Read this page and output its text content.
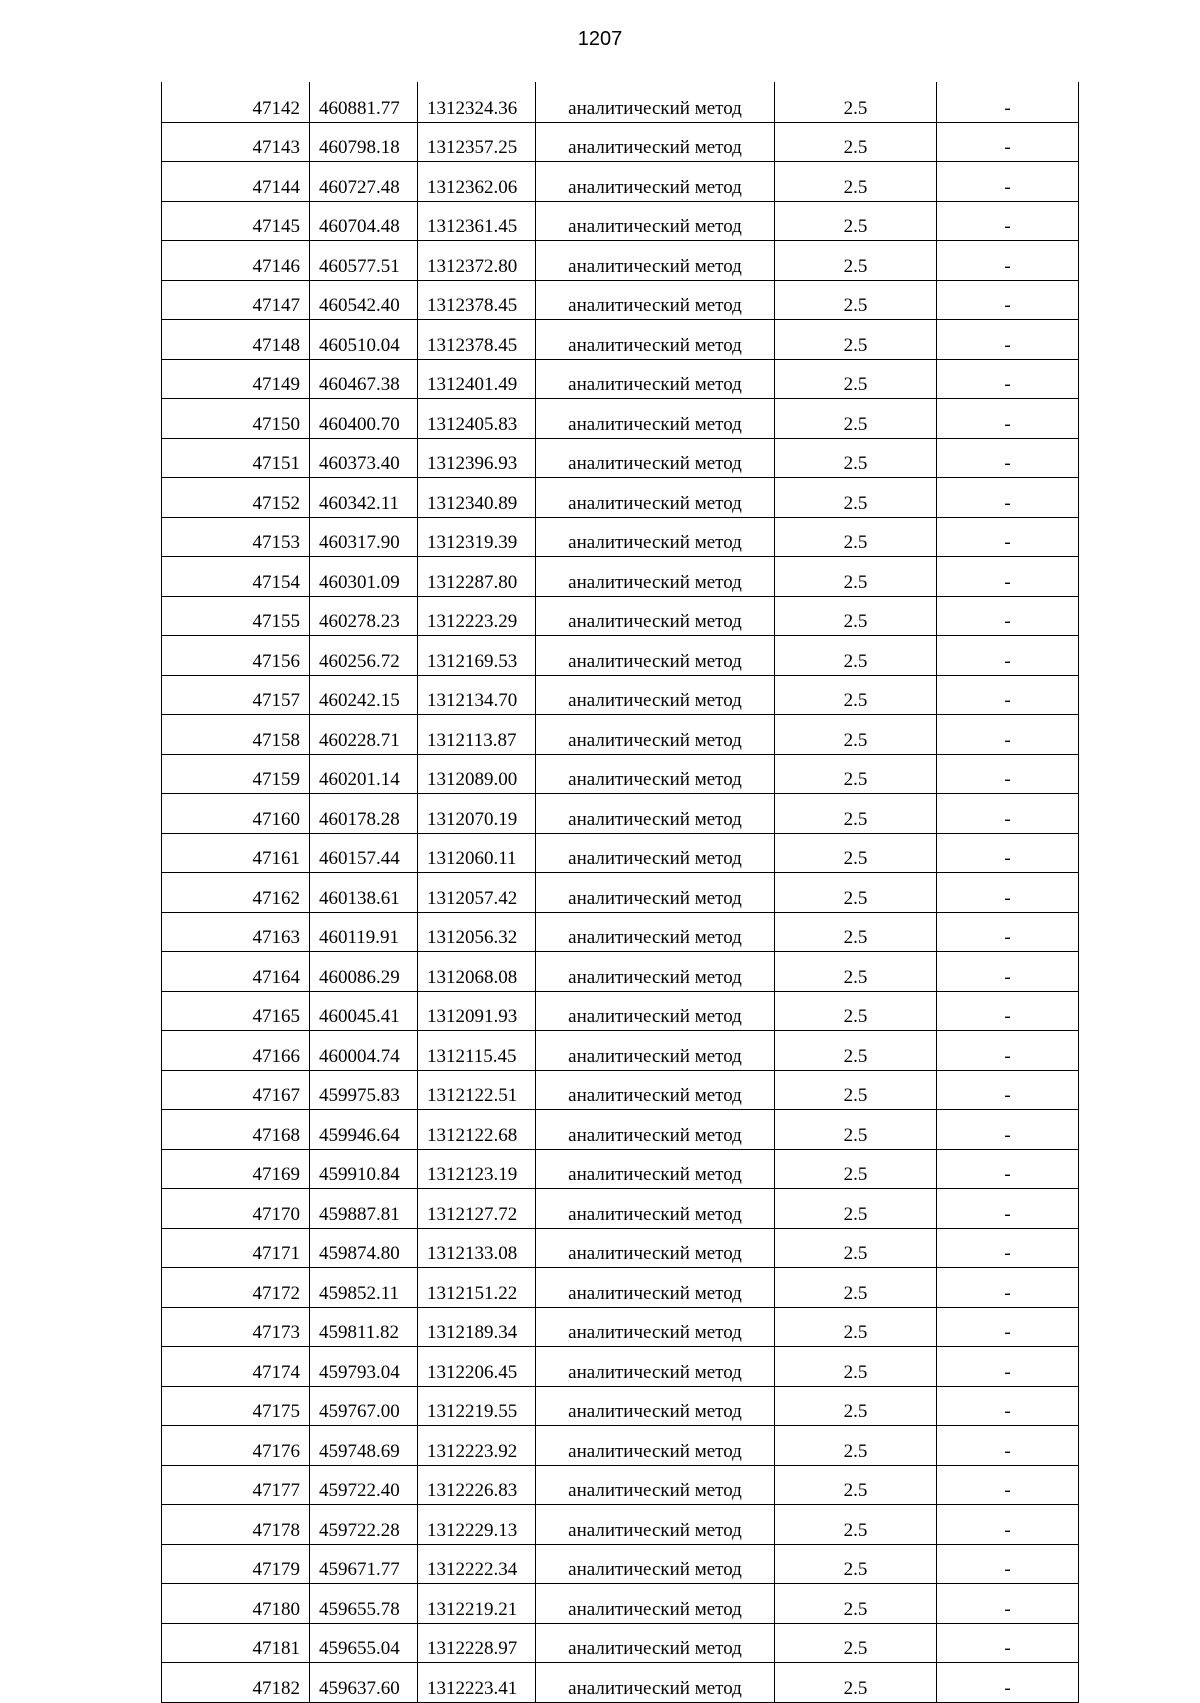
1207
47142	460881.77	1312324.36	аналитический метод	2.5	-
47143	460798.18	1312357.25	аналитический метод	2.5	-
47144	460727.48	1312362.06	аналитический метод	2.5	-
47145	460704.48	1312361.45	аналитический метод	2.5	-
47146	460577.51	1312372.80	аналитический метод	2.5	-
47147	460542.40	1312378.45	аналитический метод	2.5	-
47148	460510.04	1312378.45	аналитический метод	2.5	-
47149	460467.38	1312401.49	аналитический метод	2.5	-
47150	460400.70	1312405.83	аналитический метод	2.5	-
47151	460373.40	1312396.93	аналитический метод	2.5	-
47152	460342.11	1312340.89	аналитический метод	2.5	-
47153	460317.90	1312319.39	аналитический метод	2.5	-
47154	460301.09	1312287.80	аналитический метод	2.5	-
47155	460278.23	1312223.29	аналитический метод	2.5	-
47156	460256.72	1312169.53	аналитический метод	2.5	-
47157	460242.15	1312134.70	аналитический метод	2.5	-
47158	460228.71	1312113.87	аналитический метод	2.5	-
47159	460201.14	1312089.00	аналитический метод	2.5	-
47160	460178.28	1312070.19	аналитический метод	2.5	-
47161	460157.44	1312060.11	аналитический метод	2.5	-
47162	460138.61	1312057.42	аналитический метод	2.5	-
47163	460119.91	1312056.32	аналитический метод	2.5	-
47164	460086.29	1312068.08	аналитический метод	2.5	-
47165	460045.41	1312091.93	аналитический метод	2.5	-
47166	460004.74	1312115.45	аналитический метод	2.5	-
47167	459975.83	1312122.51	аналитический метод	2.5	-
47168	459946.64	1312122.68	аналитический метод	2.5	-
47169	459910.84	1312123.19	аналитический метод	2.5	-
47170	459887.81	1312127.72	аналитический метод	2.5	-
47171	459874.80	1312133.08	аналитический метод	2.5	-
47172	459852.11	1312151.22	аналитический метод	2.5	-
47173	459811.82	1312189.34	аналитический метод	2.5	-
47174	459793.04	1312206.45	аналитический метод	2.5	-
47175	459767.00	1312219.55	аналитический метод	2.5	-
47176	459748.69	1312223.92	аналитический метод	2.5	-
47177	459722.40	1312226.83	аналитический метод	2.5	-
47178	459722.28	1312229.13	аналитический метод	2.5	-
47179	459671.77	1312222.34	аналитический метод	2.5	-
47180	459655.78	1312219.21	аналитический метод	2.5	-
47181	459655.04	1312228.97	аналитический метод	2.5	-
47182	459637.60	1312223.41	аналитический метод	2.5	-
